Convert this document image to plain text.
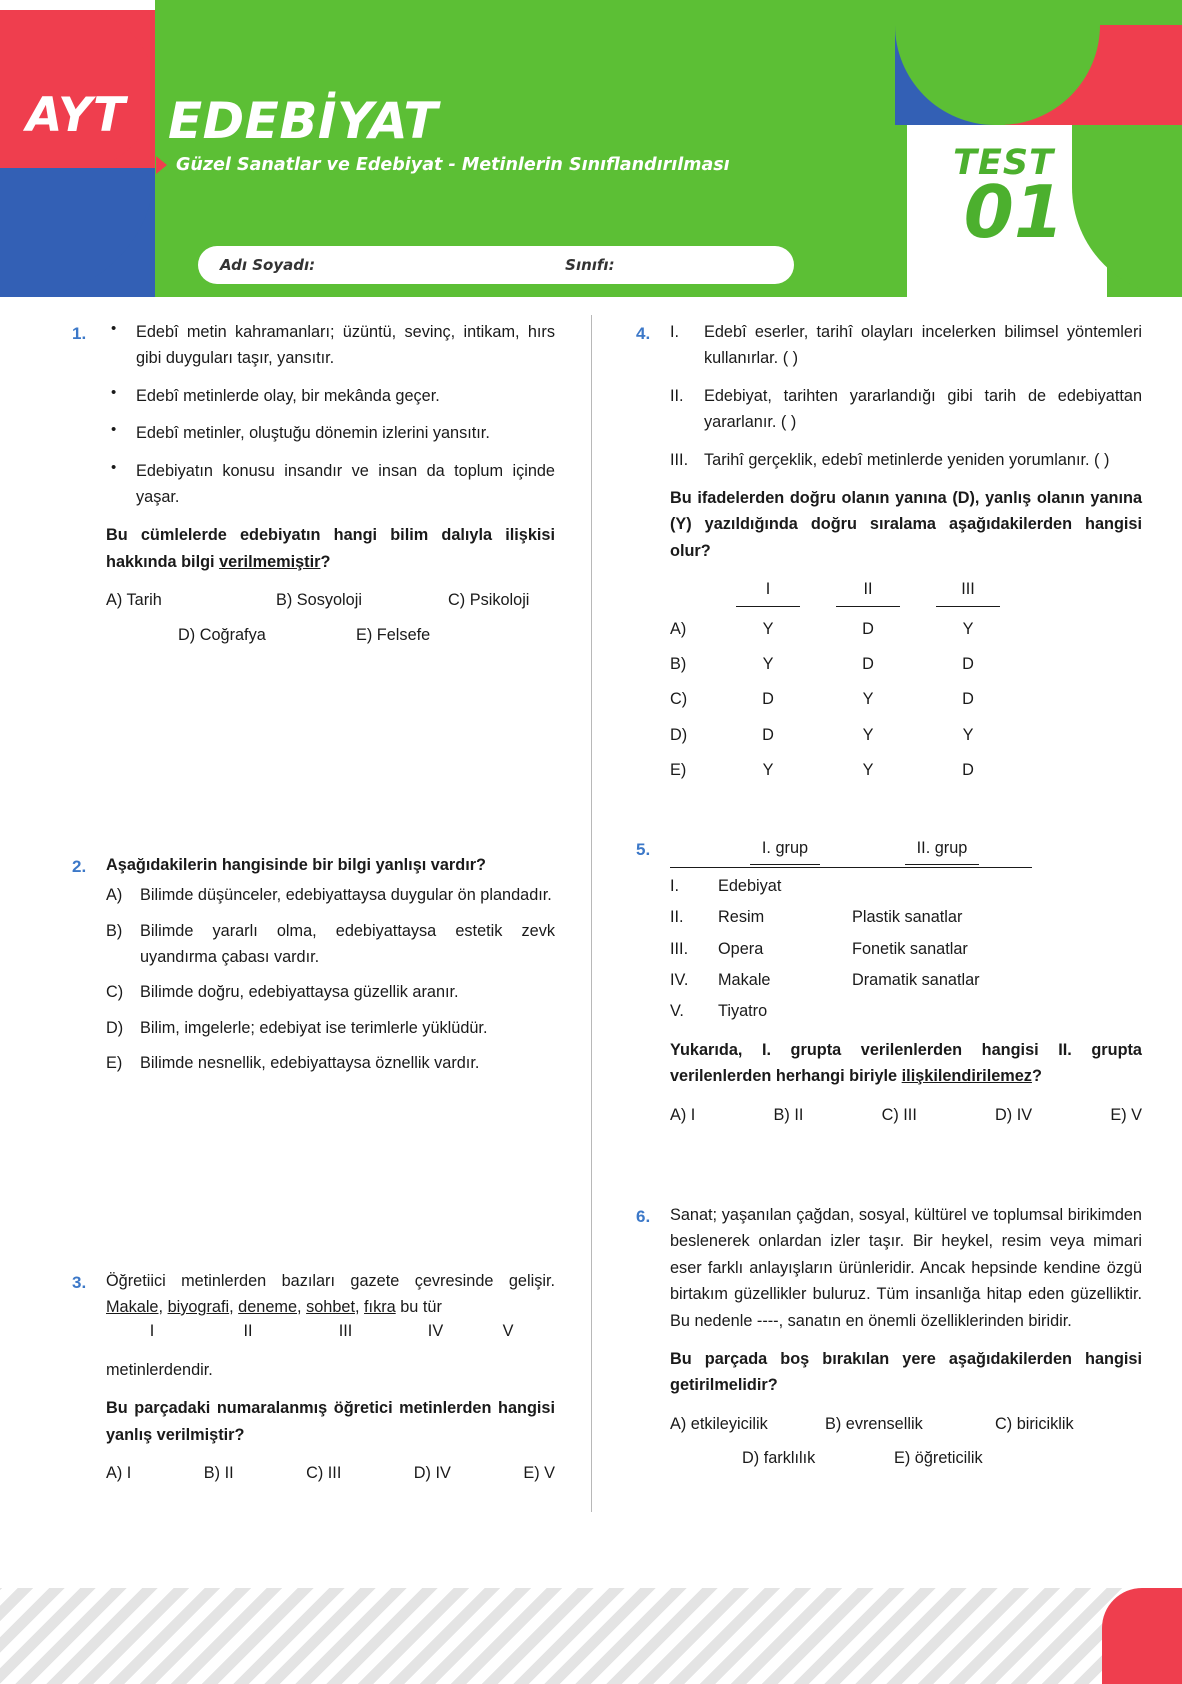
AYT EDEBİYAT
Güzel Sanatlar ve Edebiyat - Metinlerin Sınıflandırılması	TEST
01
Adı Soyadı:	Sınıfı:
1.	• Edebî metin kahramanları; üzüntü, sevinç, intikam, hırs gibi duyguları taşır, yansıtır.
• Edebî metinlerde olay, bir mekânda geçer.
• Edebî metinler, oluştuğu dönemin izlerini yansıtır.
• Edebiyatın konusu insandır ve insan da toplum içinde yaşar.
Bu cümlelerde edebiyatın hangi bilim dalıyla ilişkisi hakkında bilgi verilmemiştir?
A) Tarih	B) Sosyoloji	C) Psikoloji
D) Coğrafya	E) Felsefe
2.	Aşağıdakilerin hangisinde bir bilgi yanlışı vardır?
A)	Bilimde düşünceler, edebiyattaysa duygular ön plandadır.
B)	Bilimde yararlı olma, edebiyattaysa estetik zevk uyandırma çabası vardır.
C)	Bilimde doğru, edebiyattaysa güzellik aranır.
D)	Bilim, imgelerle; edebiyat ise terimlerle yüklüdür.
E)	Bilimde nesnellik, edebiyattaysa öznellik vardır.
3.	Öğretiici metinlerden bazıları gazete çevresinde gelişir. Makale, biyografi, deneme, sohbet, fıkra bu tür
I	II	III	IV	V
metinlerdendir.
Bu parçadaki numaralanmış öğretici metinlerden hangisi yanlış verilmiştir?
A) I	B) II	C) III	D) IV	E) V
4.	I. Edebî eserler, tarihî olayları incelerken bilimsel yöntemleri kullanırlar. ( )
II. Edebiyat, tarihten yararlandığı gibi tarih de edebiyattan yararlanır. ( )
III. Tarihî gerçeklik, edebî metinlerde yeniden yorumlanır. ( )
Bu ifadelerden doğru olanın yanına (D), yanlış olanın yanına (Y) yazıldığında doğru sıralama aşağıdakilerden hangisi olur?
I	II	III
A)	Y	D	Y
B)	Y	D	D
C)	D	Y	D
D)	D	Y	Y
E)	Y	Y	D
5.	I. grup	II. grup
I.	Edebiyat
II.	Resim	Plastik sanatlar
III.	Opera	Fonetik sanatlar
IV.	Makale	Dramatik sanatlar
V.	Tiyatro
Yukarıda, I. grupta verilenlerden hangisi II. grupta verilenlerden herhangi biriyle ilişkilendirilemez?
A) I	B) II	C) III	D) IV	E) V
6.	Sanat; yaşanılan çağdan, sosyal, kültürel ve toplumsal birikimden beslenerek onlardan izler taşır. Bir heykel, resim veya mimari eser farklı anlayışların ürünleridir. Ancak hepsinde kendine özgü birtakım güzellikler buluruz. Tüm insanlığa hitap eden güzelliktir. Bu nedenle ----, sanatın en önemli özelliklerinden biridir.
Bu parçada boş bırakılan yere aşağıdakilerden hangisi getirilmelidir?
A) etkileyicilik	B) evrensellik	C) biriciklik
D) farklılık	E) öğreticilik
